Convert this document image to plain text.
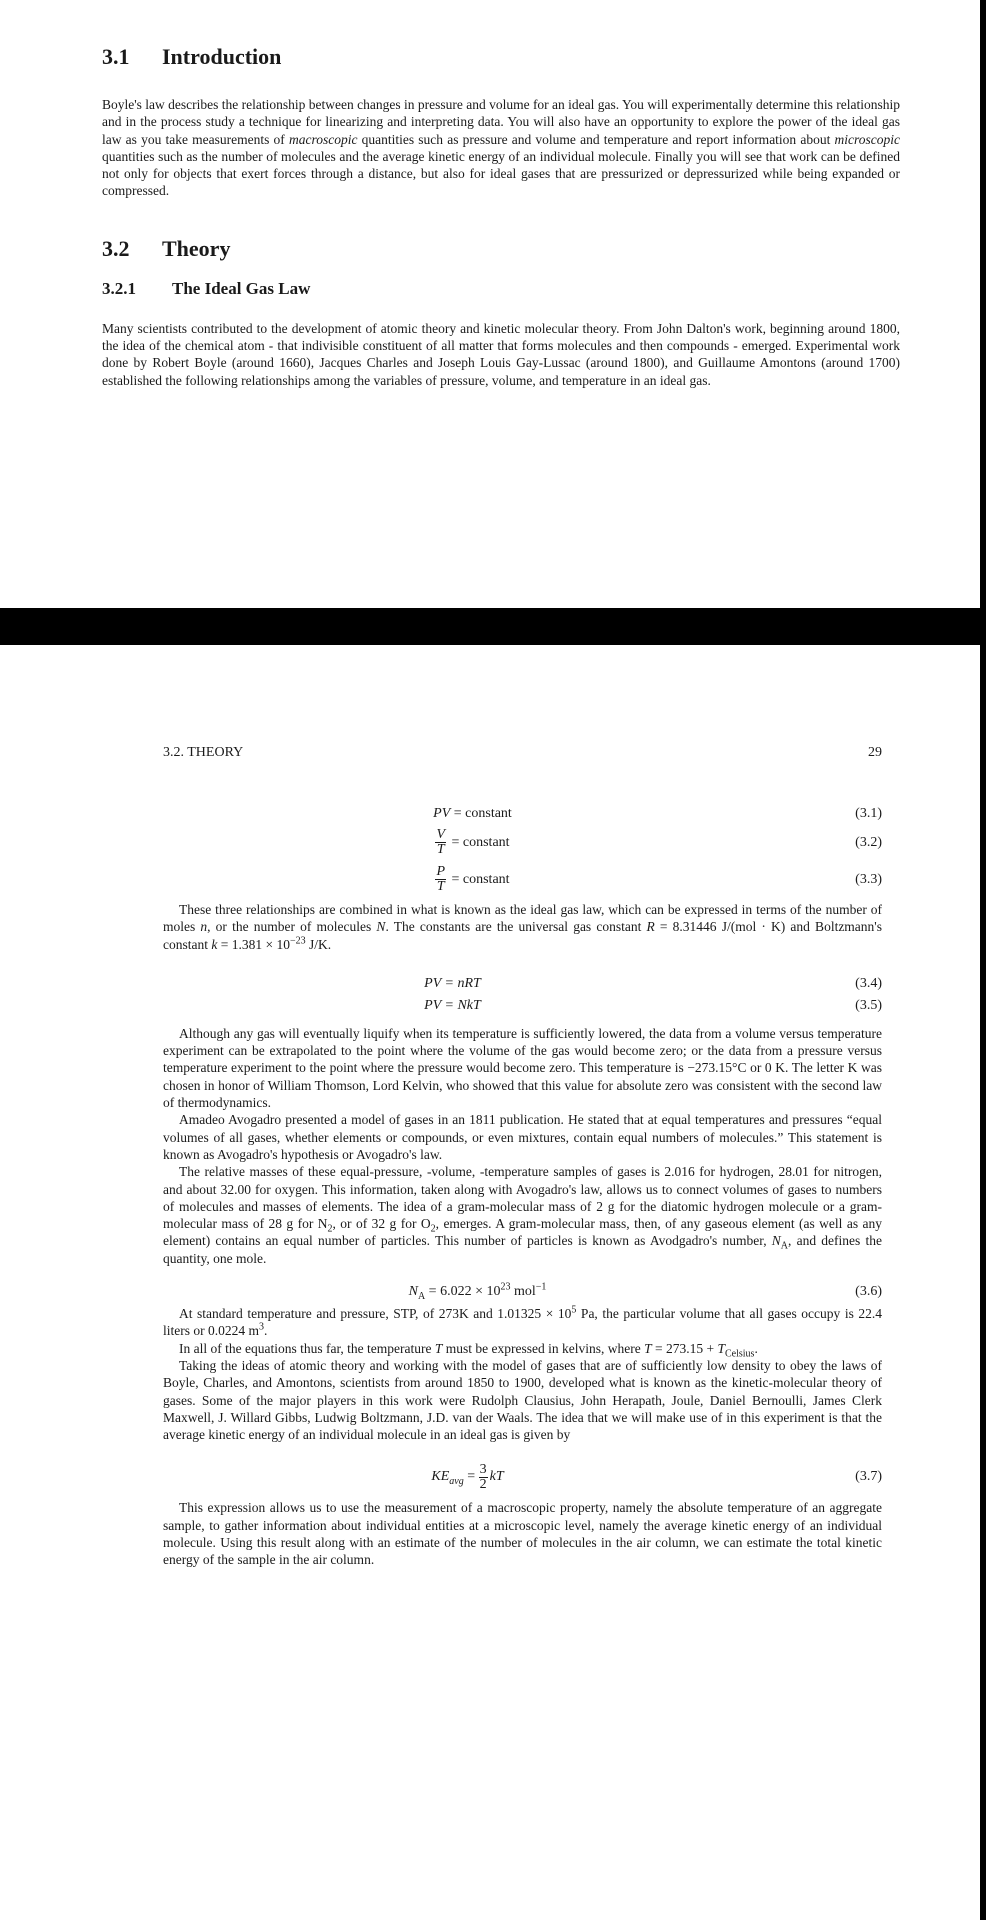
3.1 Introduction

Boyle's law describes the relationship between changes in pressure and volume for an ideal gas. You will experimentally determine this relationship and in the process study a technique for linearizing and interpreting data. You will also have an opportunity to explore the power of the ideal gas law as you take measurements of macroscopic quantities such as pressure and volume and temperature and report information about microscopic quantities such as the number of molecules and the average kinetic energy of an individual molecule. Finally you will see that work can be defined not only for objects that exert forces through a distance, but also for ideal gases that are pressurized or depressurized while being expanded or compressed.

3.2 Theory
3.2.1 The Ideal Gas Law

Many scientists contributed to the development of atomic theory and kinetic molecular theory. From John Dalton's work, beginning around 1800, the idea of the chemical atom - that indivisible constituent of all matter that forms molecules and then compounds - emerged. Experimental work done by Robert Boyle (around 1660), Jacques Charles and Joseph Louis Gay-Lussac (around 1800), and Guillaume Amontons (around 1700) established the following relationships among the variables of pressure, volume, and temperature in an ideal gas.

3.2. THEORY	29
PV = constant	(3.1)
$\frac{V}{T}$ = constant	(3.2)
$\frac{P}{T}$ = constant	(3.3)

These three relationships are combined in what is known as the ideal gas law, which can be expressed in terms of the number of moles n, or the number of molecules N. The constants are the universal gas constant R = 8.31446 J/(mol · K) and Boltzmann's constant $k = 1.381 \times 10^{-23}$ J/K.

PV = nRT	(3.4)
PV = NkT	(3.5)

Although any gas will eventually liquify when its temperature is sufficiently lowered, the data from a volume versus temperature experiment can be extrapolated to the point where the volume of the gas would become zero; or the data from a pressure versus temperature experiment to the point where the pressure would become zero. This temperature is −273.15°C or 0 K. The letter K was chosen in honor of William Thomson, Lord Kelvin, who showed that this value for absolute zero was consistent with the second law of thermodynamics.

Amadeo Avogadro presented a model of gases in an 1811 publication. He stated that at equal temperatures and pressures “equal volumes of all gases, whether elements or compounds, or even mixtures, contain equal numbers of molecules.” This statement is known as Avogadro's hypothesis or Avogadro's law.

The relative masses of these equal-pressure, -volume, -temperature samples of gases is 2.016 for hydrogen, 28.01 for nitrogen, and about 32.00 for oxygen. This information, taken along with Avogadro's law, allows us to connect volumes of gases to numbers of molecules and masses of elements. The idea of a gram-molecular mass of 2 g for the diatomic hydrogen molecule or a gram-molecular mass of 28 g for $N_2$, or of 32 g for $O_2$, emerges. A gram-molecular mass, then, of any gaseous element (as well as any element) contains an equal number of particles. This number of particles is known as Avodgadro's number, $N_A$, and defines the quantity, one mole.

$N_A = 6.022 \times 10^{23}$ mol$^{-1}$	(3.6)

At standard temperature and pressure, STP, of 273K and $1.01325 \times 10^5$ Pa, the particular volume that all gases occupy is 22.4 liters or 0.0224 $m^3$.

In all of the equations thus far, the temperature T must be expressed in kelvins, where $T = 273.15 + T_{Celsius}$.

Taking the ideas of atomic theory and working with the model of gases that are of sufficiently low density to obey the laws of Boyle, Charles, and Amontons, scientists from around 1850 to 1900, developed what is known as the kinetic-molecular theory of gases. Some of the major players in this work were Rudolph Clausius, John Herapath, Joule, Daniel Bernoulli, James Clerk Maxwell, J. Willard Gibbs, Ludwig Boltzmann, J.D. van der Waals. The idea that we will make use of in this experiment is that the average kinetic energy of an individual molecule in an ideal gas is given by

$KE_{avg} = \frac{3}{2}$ kT	(3.7)

This expression allows us to use the measurement of a macroscopic property, namely the absolute temperature of an aggregate sample, to gather information about individual entities at a microscopic level, namely the average kinetic energy of an individual molecule. Using this result along with an estimate of the number of molecules in the air column, we can estimate the total kinetic energy of the sample in the air column.
